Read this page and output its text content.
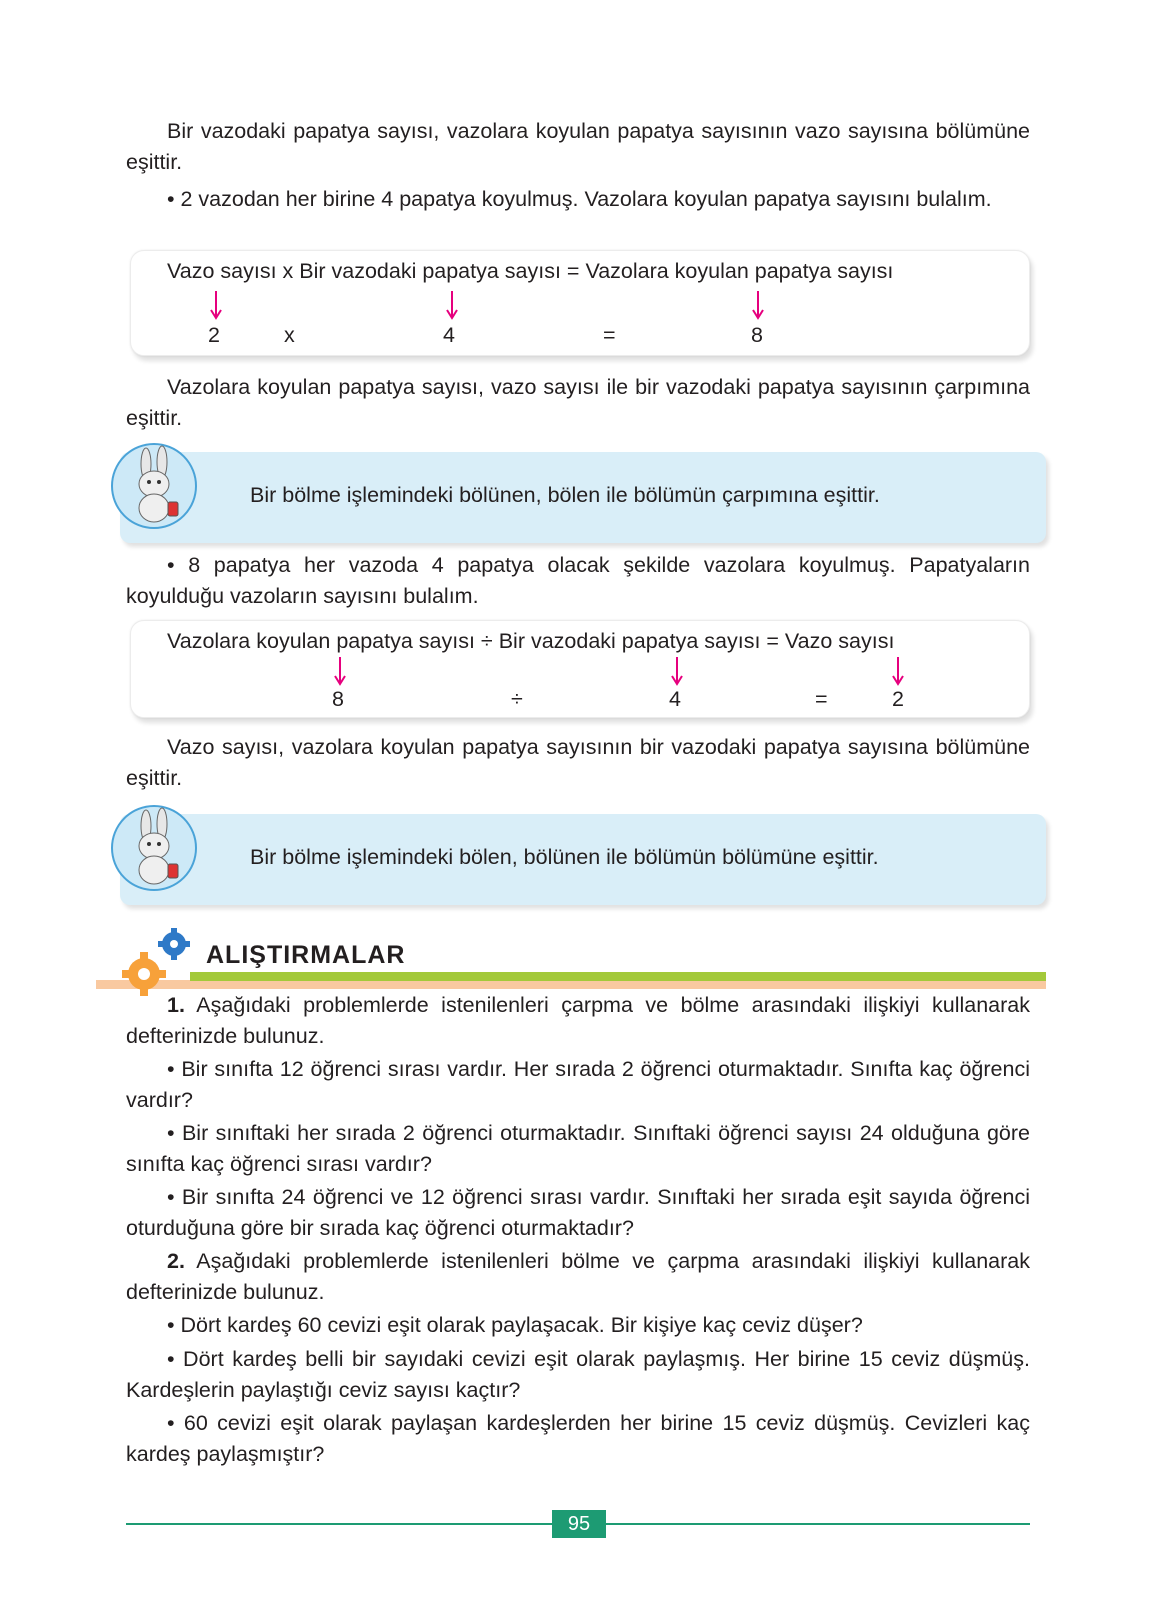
Bir vazodaki papatya sayısı, vazolara koyulan papatya sayısının vazo sayısına bölümüne eşittir.

• 2 vazodan her birine 4 papatya koyulmuş. Vazolara koyulan papatya sayısını bulalım.

Vazo sayısı x Bir vazodaki papatya sayısı = Vazolara koyulan papatya sayısı
2	x	4	=	8

Vazolara koyulan papatya sayısı, vazo sayısı ile bir vazodaki papatya sayısının çarpımına eşittir.

Bir bölme işlemindeki bölünen, bölen ile bölümün çarpımına eşittir.

• 8 papatya her vazoda 4 papatya olacak şekilde vazolara koyulmuş. Papatyaların koyulduğu vazoların sayısını bulalım.

Vazolara koyulan papatya sayısı ÷ Bir vazodaki papatya sayısı = Vazo sayısı
8	÷	4	=	2

Vazo sayısı, vazolara koyulan papatya sayısının bir vazodaki papatya sayısına bölümüne eşittir.

Bir bölme işlemindeki bölen, bölünen ile bölümün bölümüne eşittir.
ALIŞTIRMALAR

1. Aşağıdaki problemlerde istenilenleri çarpma ve bölme arasındaki ilişkiyi kullanarak defterinizde bulunuz.

• Bir sınıfta 12 öğrenci sırası vardır. Her sırada 2 öğrenci oturmaktadır. Sınıfta kaç öğrenci vardır?

• Bir sınıftaki her sırada 2 öğrenci oturmaktadır. Sınıftaki öğrenci sayısı 24 olduğuna göre sınıfta kaç öğrenci sırası vardır?

• Bir sınıfta 24 öğrenci ve 12 öğrenci sırası vardır. Sınıftaki her sırada eşit sayıda öğrenci oturduğuna göre bir sırada kaç öğrenci oturmaktadır?

2. Aşağıdaki problemlerde istenilenleri bölme ve çarpma arasındaki ilişkiyi kullanarak defterinizde bulunuz.

• Dört kardeş 60 cevizi eşit olarak paylaşacak. Bir kişiye kaç ceviz düşer?

• Dört kardeş belli bir sayıdaki cevizi eşit olarak paylaşmış. Her birine 15 ceviz düşmüş. Kardeşlerin paylaştığı ceviz sayısı kaçtır?

• 60 cevizi eşit olarak paylaşan kardeşlerden her birine 15 ceviz düşmüş. Cevizleri kaç kardeş paylaşmıştır?

95
